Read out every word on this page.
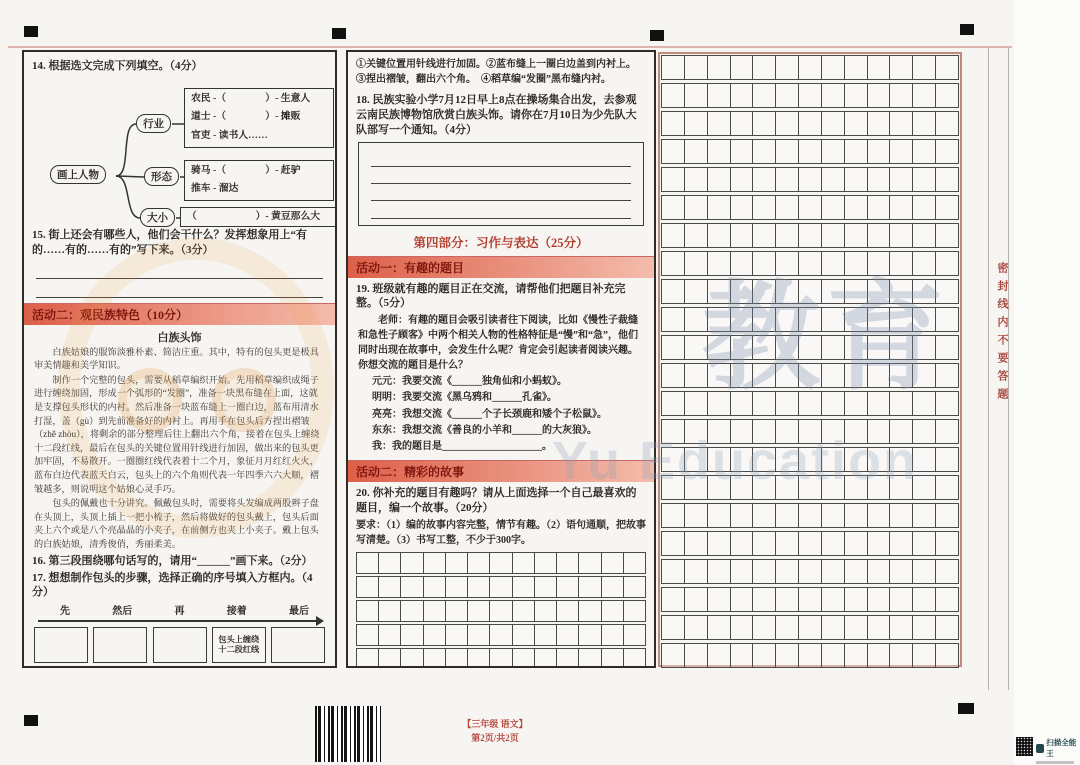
14. 根据选文完成下列填空。（4分）
画上人物
行业
形态
大小
农民 -（　　　　）- 生意人
道士 -（　　　　）- 摊贩
官吏 - 读书人……
骑马 -（　　　　）- 赶驴
推车 - 溜达
（　　　　　　）- 黄豆那么大
15. 街上还会有哪些人，他们会干什么？发挥想象用上“有的……有的……有的”写下来。（3分）
活动二：观民族特色（10分）
白族头饰
白族姑娘的服饰淡雅朴素、简洁庄重。其中，特有的包头更是极具审美情趣和美学知识。
制作一个完整的包头，需要从稻草编织开始。先用稻草编织成绳子进行缠绕加固，形成一个弧形的“发圈”，准备一块黑布缝在上面，这就是支撑包头形状的内衬。然后准备一块蓝布缝上一圈白边，蓝布用清水打湿，盖（gù）到先前准备好的内衬上。再用手在包头后方捏出褶皱（zhě zhòu），将剩余的部分整理后往上翻出六个角，接着在包头上缠绕十二段红线，最后在包头的关键位置用针线进行加固，做出来的包头更加牢固，不易散开。一圈圈红线代表着十二个月，象征月月红红火火，蓝布白边代表蓝天白云，包头上的六个角则代表一年四季六六大顺，褶皱越多，则说明这个姑娘心灵手巧。
包头的佩戴也十分讲究。佩戴包头时，需要将头发编成两股辫子盘在头顶上，头顶上插上一把小梳子，然后将做好的包头戴上，包头后面夹上六个或是八个亮晶晶的小夹子，在前侧方也夹上小夹子。戴上包头的白族姑娘，清秀俊俏，秀丽柔美。
16. 第三段围绕哪句话写的，请用“______”画下来。（2分）
17. 想想制作包头的步骤，选择正确的序号填入方框内。（4分）
先	然后	再	接着	最后
包头上缠绕十二段红线
①关键位置用针线进行加固。②蓝布缝上一圈白边盖到内衬上。
③捏出褶皱，翻出六个角。　④稻草编“发圈”黑布缝内衬。
18. 民族实验小学7月12日早上8点在操场集合出发，去参观云南民族博物馆欣赏白族头饰。请你在7月10日为少先队大队部写一个通知。（4分）
第四部分：习作与表达（25分）
活动一：有趣的题目
19. 班级就有趣的题目正在交流，请帮他们把题目补充完整。（5分）
老师：有趣的题目会吸引读者往下阅读，比如《慢性子裁缝和急性子顾客》中两个相关人物的性格特征是“慢”和“急”，他们同时出现在故事中，会发生什么呢？肯定会引起读者阅读兴趣。你想交流的题目是什么？
元元：我要交流《______独角仙和小蚂蚁》。
明明：我要交流《黑乌鸦和______孔雀》。
亮亮：我想交流《______个子长颈鹿和矮个子松鼠》。
东东：我想交流《善良的小羊和______的大灰狼》。
我：我的题目是____________________。
活动二：精彩的故事
20. 你补充的题目有趣吗？请从上面选择一个自己最喜欢的题目，编一个故事。（20分）
要求：（1）编的故事内容完整，情节有趣。（2）语句通顺，把故事写清楚。（3）书写工整，不少于300字。
密封线内不要答题
教育
Yu Education
【三年级 语文】
第2页/共2页	扫描全能王
